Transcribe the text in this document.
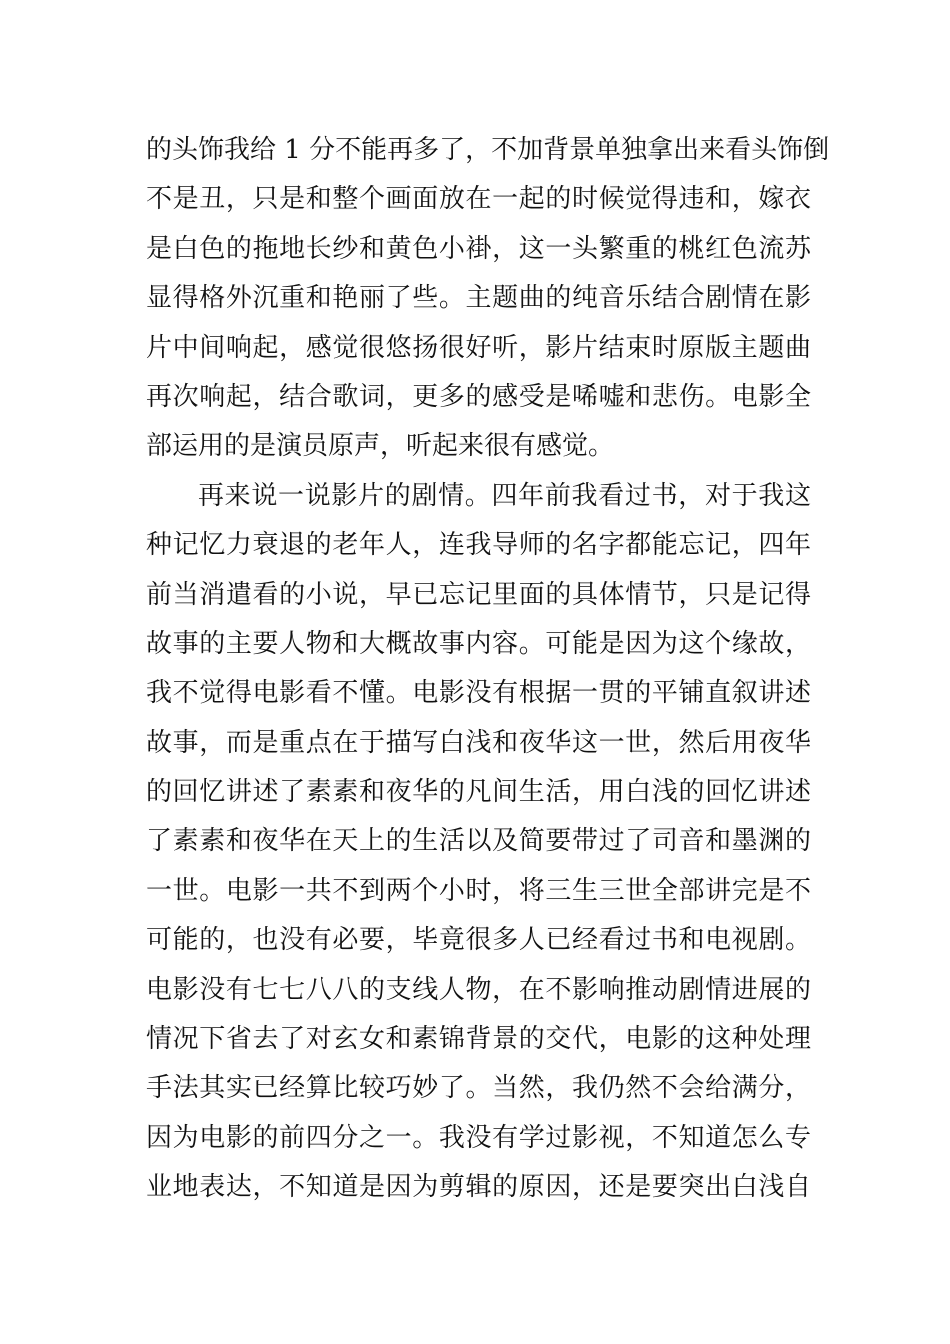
的头饰我给 1 分不能再多了，不加背景单独拿出来看头饰倒
不是丑，只是和整个画面放在一起的时候觉得违和，嫁衣
是白色的拖地长纱和黄色小褂，这一头繁重的桃红色流苏
显得格外沉重和艳丽了些。主题曲的纯音乐结合剧情在影
片中间响起，感觉很悠扬很好听，影片结束时原版主题曲
再次响起，结合歌词，更多的感受是唏嘘和悲伤。电影全
部运用的是演员原声，听起来很有感觉。
再来说一说影片的剧情。四年前我看过书，对于我这
种记忆力衰退的老年人，连我导师的名字都能忘记，四年
前当消遣看的小说，早已忘记里面的具体情节，只是记得
故事的主要人物和大概故事内容。可能是因为这个缘故，
我不觉得电影看不懂。电影没有根据一贯的平铺直叙讲述
故事，而是重点在于描写白浅和夜华这一世，然后用夜华
的回忆讲述了素素和夜华的凡间生活，用白浅的回忆讲述
了素素和夜华在天上的生活以及简要带过了司音和墨渊的
一世。电影一共不到两个小时，将三生三世全部讲完是不
可能的，也没有必要，毕竟很多人已经看过书和电视剧。
电影没有七七八八的支线人物，在不影响推动剧情进展的
情况下省去了对玄女和素锦背景的交代，电影的这种处理
手法其实已经算比较巧妙了。当然，我仍然不会给满分，
因为电影的前四分之一。我没有学过影视，不知道怎么专
业地表达，不知道是因为剪辑的原因，还是要突出白浅自
